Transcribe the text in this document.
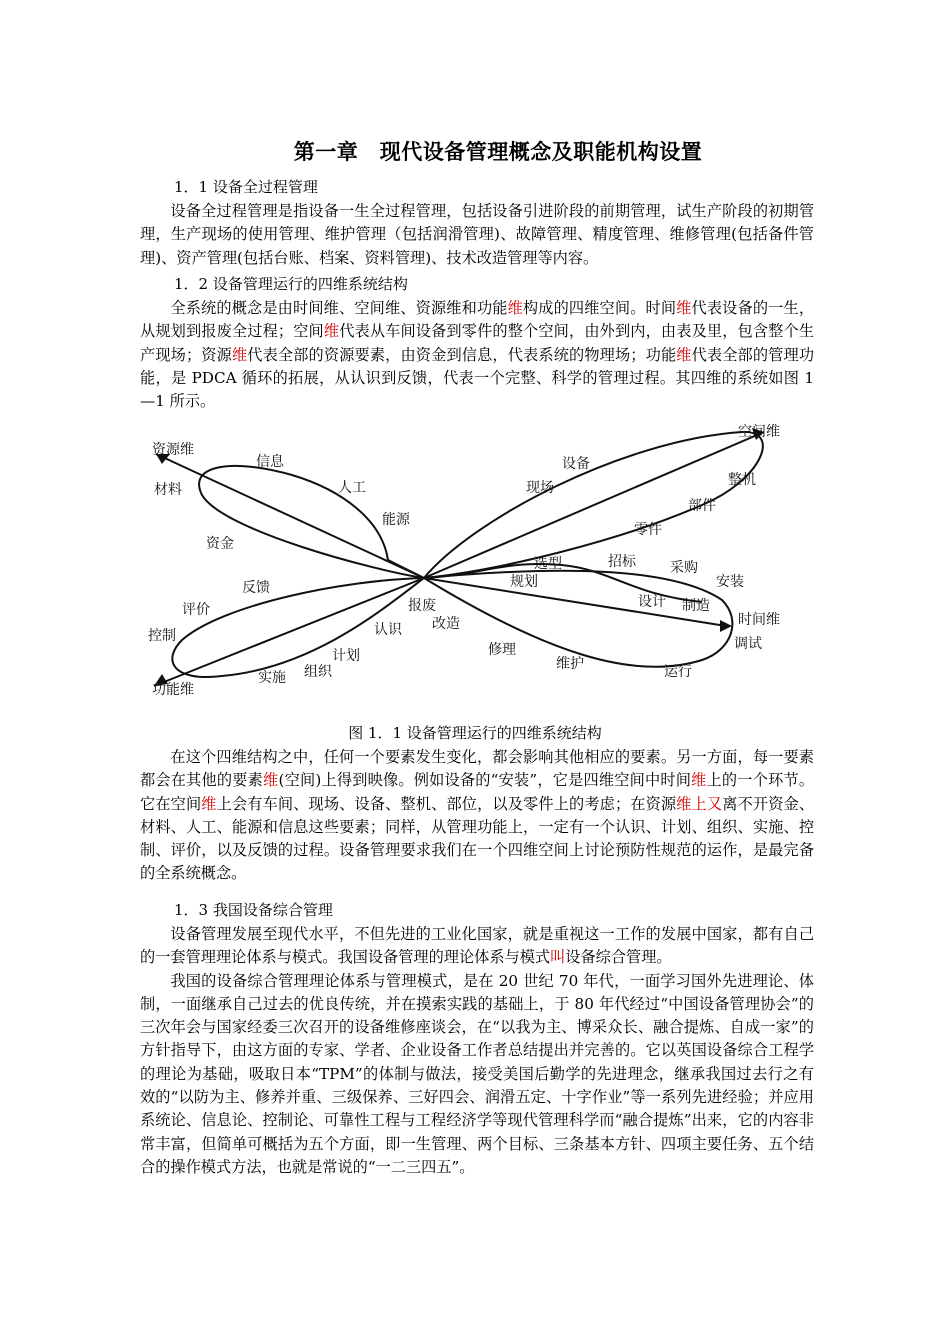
第一章　现代设备管理概念及职能机构设置
1．1 设备全过程管理

设备全过程管理是指设备一生全过程管理，包括设备引进阶段的前期管理，试生产阶段的初期管理，生产现场的使用管理、维护管理（包括润滑管理)、故障管理、精度管理、维修管理(包括备件管理)、资产管理(包括台账、档案、资料管理)、技术改造管理等内容。

1．2 设备管理运行的四维系统结构

全系统的概念是由时间维、空间维、资源维和功能维构成的四维空间。时间维代表设备的一生，从规划到报废全过程；空间维代表从车间设备到零件的整个空间，由外到内，由表及里，包含整个生产现场；资源维代表全部的资源要素，由资金到信息，代表系统的物理场；功能维代表全部的管理功能，是 PDCA 循环的拓展，从认识到反馈，代表一个完整、科学的管理过程。其四维的系统如图 1—1 所示。

资源维
空间维
时间维
功能维
信息
人工
能源
材料
资金
设备
现场	整机
部件
零件
选型	招标 采购
规划	安装
设计 制造
调试
运行
维护
修理
改造
报废
反馈
评价
控制	认识
计划
组织
实施
图 1．1 设备管理运行的四维系统结构

在这个四维结构之中，任何一个要素发生变化，都会影响其他相应的要素。另一方面，每一要素都会在其他的要素维(空间)上得到映像。例如设备的“安装”，它是四维空间中时间维上的一个环节。它在空间维上会有车间、现场、设备、整机、部位，以及零件上的考虑；在资源维上又离不开资金、材料、人工、能源和信息这些要素；同样，从管理功能上，一定有一个认识、计划、组织、实施、控制、评价，以及反馈的过程。设备管理要求我们在一个四维空间上讨论预防性规范的运作，是最完备的全系统概念。

1．3 我国设备综合管理

设备管理发展至现代水平，不但先进的工业化国家，就是重视这一工作的发展中国家，都有自己的一套管理理论体系与模式。我国设备管理的理论体系与模式叫设备综合管理。

我国的设备综合管理理论体系与管理模式，是在 20 世纪 70 年代，一面学习国外先进理论、体制，一面继承自己过去的优良传统，并在摸索实践的基础上，于 80 年代经过“中国设备管理协会”的三次年会与国家经委三次召开的设备维修座谈会，在“以我为主、博采众长、融合提炼、自成一家”的方针指导下，由这方面的专家、学者、企业设备工作者总结提出并完善的。它以英国设备综合工程学的理论为基础，吸取日本“TPM”的体制与做法，接受美国后勤学的先进理念，继承我国过去行之有效的“以防为主、修养并重、三级保养、三好四会、润滑五定、十字作业”等一系列先进经验；并应用系统论、信息论、控制论、可靠性工程与工程经济学等现代管理科学而“融合提炼”出来，它的内容非常丰富，但简单可概括为五个方面，即一生管理、两个目标、三条基本方针、四项主要任务、五个结合的操作模式方法，也就是常说的“一二三四五”。
